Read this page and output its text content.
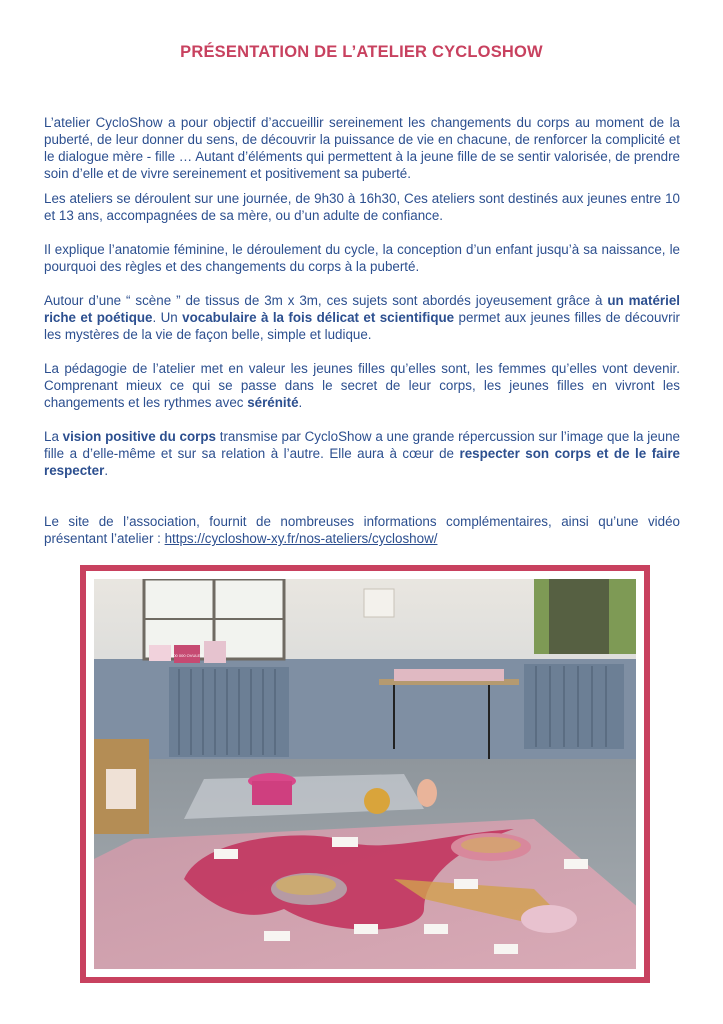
PRÉSENTATION DE L’ATELIER CYCLOSHOW

L’atelier CycloShow a pour objectif d’accueillir sereinement les changements du corps au moment de la puberté, de leur donner du sens, de découvrir la puissance de vie en chacune, de renforcer la complicité et le dialogue mère - fille … Autant d’éléments qui permettent à la jeune fille de se sentir valorisée, de prendre soin d’elle et de vivre sereinement et positivement sa puberté.

Les ateliers se déroulent sur une journée, de 9h30 à 16h30, Ces ateliers sont destinés aux jeunes entre 10 et 13 ans, accompagnées de sa mère, ou d’un adulte de confiance.

Il explique l’anatomie féminine, le déroulement du cycle, la conception d’un enfant jusqu’à sa naissance, le pourquoi des règles et des changements du corps à la puberté.

Autour d’une “ scène ” de tissus de 3m x 3m, ces sujets sont abordés joyeusement grâce à un matériel riche et poétique. Un vocabulaire à la fois délicat et scientifique permet aux jeunes filles de découvrir les mystères de la vie de façon belle, simple et ludique.

La pédagogie de l’atelier met en valeur les jeunes filles qu’elles sont, les femmes qu’elles vont devenir. Comprenant mieux ce qui se passe dans le secret de leur corps, les jeunes filles en vivront les changements et les rythmes avec sérénité.

La vision positive du corps transmise par CycloShow a une grande répercussion sur l’image que la jeune fille a d’elle-même et sur sa relation à l’autre. Elle aura à cœur de respecter son corps et de le faire respecter.

Le site de l’association, fournit de nombreuses informations complémentaires, ainsi qu’une vidéo présentant l’atelier : https://cycloshow-xy.fr/nos-ateliers/cycloshow/

400 000 OVULES
